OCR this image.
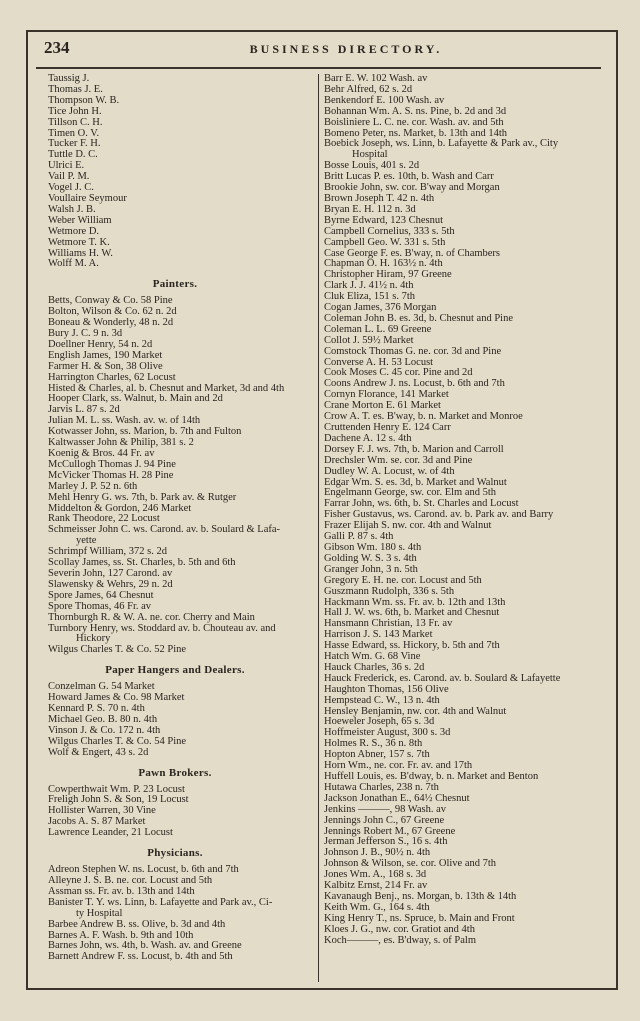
234	BUSINESS DIRECTORY.
Taussig J.
Thomas J. E.
Thompson W. B.
Tice John H.
Tillson C. H.
Timen O. V.
Tucker F. H.
Tuttle D. C.
Ulrici E.
Vail P. M.
Vogel J. C.
Voullaire Seymour
Walsh J. B.
Weber William
Wetmore D.
Wetmore T. K.
Williams H. W.
Wolff M. A.
Painters.
Betts, Conway & Co. 58 Pine
Bolton, Wilson & Co. 62 n. 2d
Boneau & Wonderly, 48 n. 2d
Bury J. C. 9 n. 3d
Doellner Henry, 54 n. 2d
English James, 190 Market
Farmer H. & Son, 38 Olive
Harrington Charles, 62 Locust
Histed & Charles, al. b. Chesnut and Market, 3d and 4th
Hooper Clark, ss. Walnut, b. Main and 2d
Jarvis L. 87 s. 2d
Julian M. L. ss. Wash. av. w. of 14th
Kotwasser John, ss. Marion, b. 7th and Fulton
Kaltwasser John & Philip, 381 s. 2
Koenig & Bros. 44 Fr. av
McCullogh Thomas J. 94 Pine
McVicker Thomas H. 28 Pine
Marley J. P. 52 n. 6th
Mehl Henry G. ws. 7th, b. Park av. & Rutger
Middelton & Gordon, 246 Market
Rank Theodore, 22 Locust
Schmeisser John C. ws. Carond. av. b. Soulard & Lafa-
yette
Schrimpf William, 372 s. 2d
Scollay James, ss. St. Charles, b. 5th and 6th
Severin John, 127 Carond. av
Slawensky & Wehrs, 29 n. 2d
Spore James, 64 Chesnut
Spore Thomas, 46 Fr. av
Thornburgh R. & W. A. ne. cor. Cherry and Main
Turnbory Henry, ws. Stoddard av. b. Chouteau av. and
Hickory
Wilgus Charles T. & Co. 52 Pine
Paper Hangers and Dealers.
Conzelman G. 54 Market
Howard James & Co. 98 Market
Kennard P. S. 70 n. 4th
Michael Geo. B. 80 n. 4th
Vinson J. & Co. 172 n. 4th
Wilgus Charles T. & Co. 54 Pine
Wolf & Engert, 43 s. 2d
Pawn Brokers.
Cowperthwait Wm. P. 23 Locust
Freligh John S. & Son, 19 Locust
Hollister Warren, 30 Vine
Jacobs A. S. 87 Market
Lawrence Leander, 21 Locust
Physicians.
Adreon Stephen W. ns. Locust, b. 6th and 7th
Alleyne J. S. B. ne. cor. Locust and 5th
Assman ss. Fr. av. b. 13th and 14th
Banister T. Y. ws. Linn, b. Lafayette and Park av., Ci-
ty Hospital
Barbee Andrew B. ss. Olive, b. 3d and 4th
Barnes A. F. Wash. b. 9th and 10th
Barnes John, ws. 4th, b. Wash. av. and Greene
Barnett Andrew F. ss. Locust, b. 4th and 5th
Barr E. W. 102 Wash. av
Behr Alfred, 62 s. 2d
Benkendorf E. 100 Wash. av
Bohannan Wm. A. S. ns. Pine, b. 2d and 3d
Boisliniere L. C. ne. cor. Wash. av. and 5th
Bomeno Peter, ns. Market, b. 13th and 14th
Boebick Joseph, ws. Linn, b. Lafayette & Park av., City
Hospital
Bosse Louis, 401 s. 2d
Britt Lucas P. es. 10th, b. Wash and Carr
Brookie John, sw. cor. B'way and Morgan
Brown Joseph T. 42 n. 4th
Bryan E. H. 112 n. 3d
Byrne Edward, 123 Chesnut
Campbell Cornelius, 333 s. 5th
Campbell Geo. W. 331 s. 5th
Case George F. es. B'way, n. of Chambers
Chapman O. H. 163½ n. 4th
Christopher Hiram, 97 Greene
Clark J. J. 41½ n. 4th
Cluk Eliza, 151 s. 7th
Cogan James, 376 Morgan
Coleman John B. es. 3d, b. Chesnut and Pine
Coleman L. L. 69 Greene
Collot J. 59½ Market
Comstock Thomas G. ne. cor. 3d and Pine
Converse A. H. 53 Locust
Cook Moses C. 45 cor. Pine and 2d
Coons Andrew J. ns. Locust, b. 6th and 7th
Cornyn Florance, 141 Market
Crane Morton E. 61 Market
Crow A. T. es. B'way, b. n. Market and Monroe
Cruttenden Henry E. 124 Carr
Dachene A. 12 s. 4th
Dorsey F. J. ws. 7th, b. Marion and Carroll
Drechsler Wm. se. cor. 3d and Pine
Dudley W. A. Locust, w. of 4th
Edgar Wm. S. es. 3d, b. Market and Walnut
Engelmann George, sw. cor. Elm and 5th
Farrar John, ws. 6th, b. St. Charles and Locust
Fisher Gustavus, ws. Carond. av. b. Park av. and Barry
Frazer Elijah S. nw. cor. 4th and Walnut
Galli P. 87 s. 4th
Gibson Wm. 180 s. 4th
Golding W. S. 3 s. 4th
Granger John, 3 n. 5th
Gregory E. H. ne. cor. Locust and 5th
Guszmann Rudolph, 336 s. 5th
Hackmann Wm. ss. Fr. av. b. 12th and 13th
Hall J. W. ws. 6th, b. Market and Chesnut
Hansmann Christian, 13 Fr. av
Harrison J. S. 143 Market
Hasse Edward, ss. Hickory, b. 5th and 7th
Hatch Wm. G. 68 Vine
Hauck Charles, 36 s. 2d
Hauck Frederick, es. Carond. av. b. Soulard & Lafayette
Haughton Thomas, 156 Olive
Hempstead C. W., 13 n. 4th
Hensley Benjamin, nw. cor. 4th and Walnut
Hoeweler Joseph, 65 s. 3d
Hoffmeister August, 300 s. 3d
Holmes R. S., 36 n. 8th
Hopton Abner, 157 s. 7th
Horn Wm., ne. cor. Fr. av. and 17th
Huffell Louis, es. B'dway, b. n. Market and Benton
Hutawa Charles, 238 n. 7th
Jackson Jonathan E., 64½ Chesnut
Jenkins ———, 98 Wash. av
Jennings John C., 67 Greene
Jennings Robert M., 67 Greene
Jerman Jefferson S., 16 s. 4th
Johnson J. B., 90½ n. 4th
Johnson & Wilson, se. cor. Olive and 7th
Jones Wm. A., 168 s. 3d
Kalbitz Ernst, 214 Fr. av
Kavanaugh Benj., ns. Morgan, b. 13th & 14th
Keith Wm. G., 164 s. 4th
King Henry T., ns. Spruce, b. Main and Front
Kloes J. G., nw. cor. Gratiot and 4th
Koch———, es. B'dway, s. of Palm
